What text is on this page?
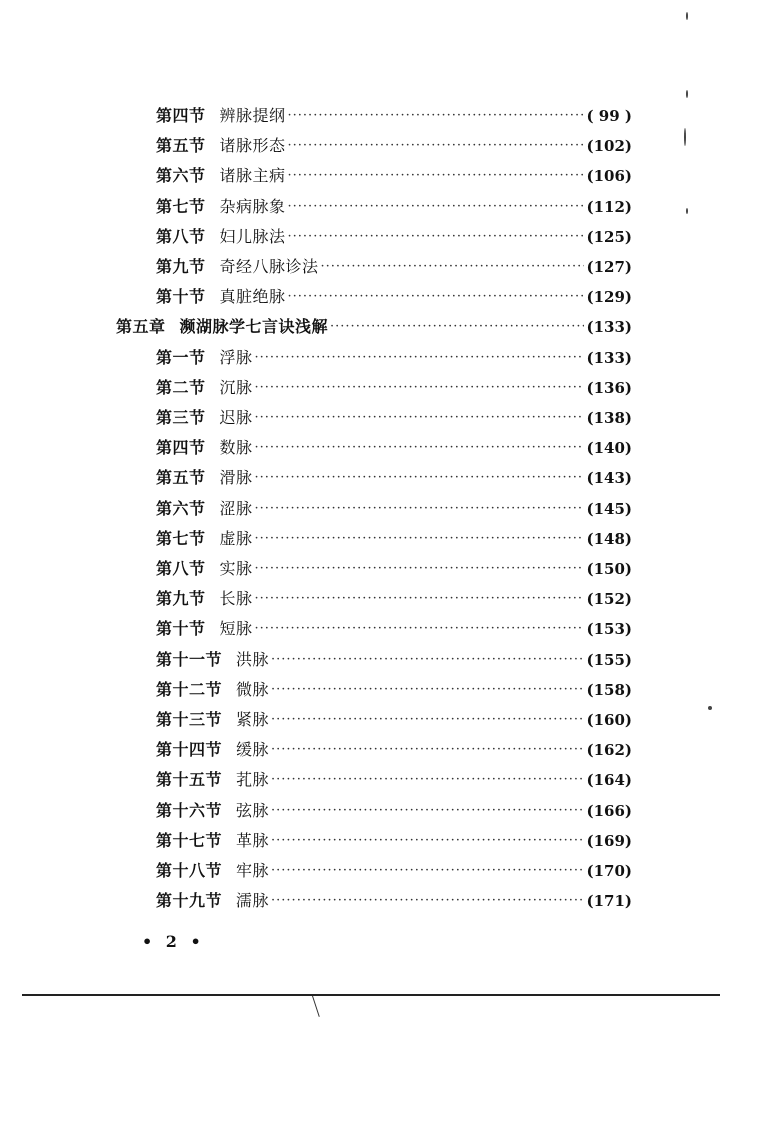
第四节 辨脉提纲 ·····	( 99 )
第五节 诸脉形态 ·····	(102)
第六节 诸脉主病 ·····	(106)
第七节 杂病脉象 ·····	(112)
第八节 妇儿脉法 ·····	(125)
第九节 奇经八脉诊法 ·····	(127)
第十节 真脏绝脉 ·····	(129)
第五章 濒湖脉学七言诀浅解 ·····	(133)
第一节 浮脉 ·····	(133)
第二节 沉脉 ·····	(136)
第三节 迟脉 ·····	(138)
第四节 数脉 ·····	(140)
第五节 滑脉 ·····	(143)
第六节 涩脉 ·····	(145)
第七节 虚脉 ·····	(148)
第八节 实脉 ·····	(150)
第九节 长脉 ·····	(152)
第十节 短脉 ·····	(153)
第十一节 洪脉 ·····	(155)
第十二节 微脉 ·····	(158)
第十三节 紧脉 ·····	(160)
第十四节 缓脉 ·····	(162)
第十五节 芤脉 ·····	(164)
第十六节 弦脉 ·····	(166)
第十七节 革脉 ·····	(169)
第十八节 牢脉 ·····	(170)
第十九节 濡脉 ·····	(171)
• 2 •
